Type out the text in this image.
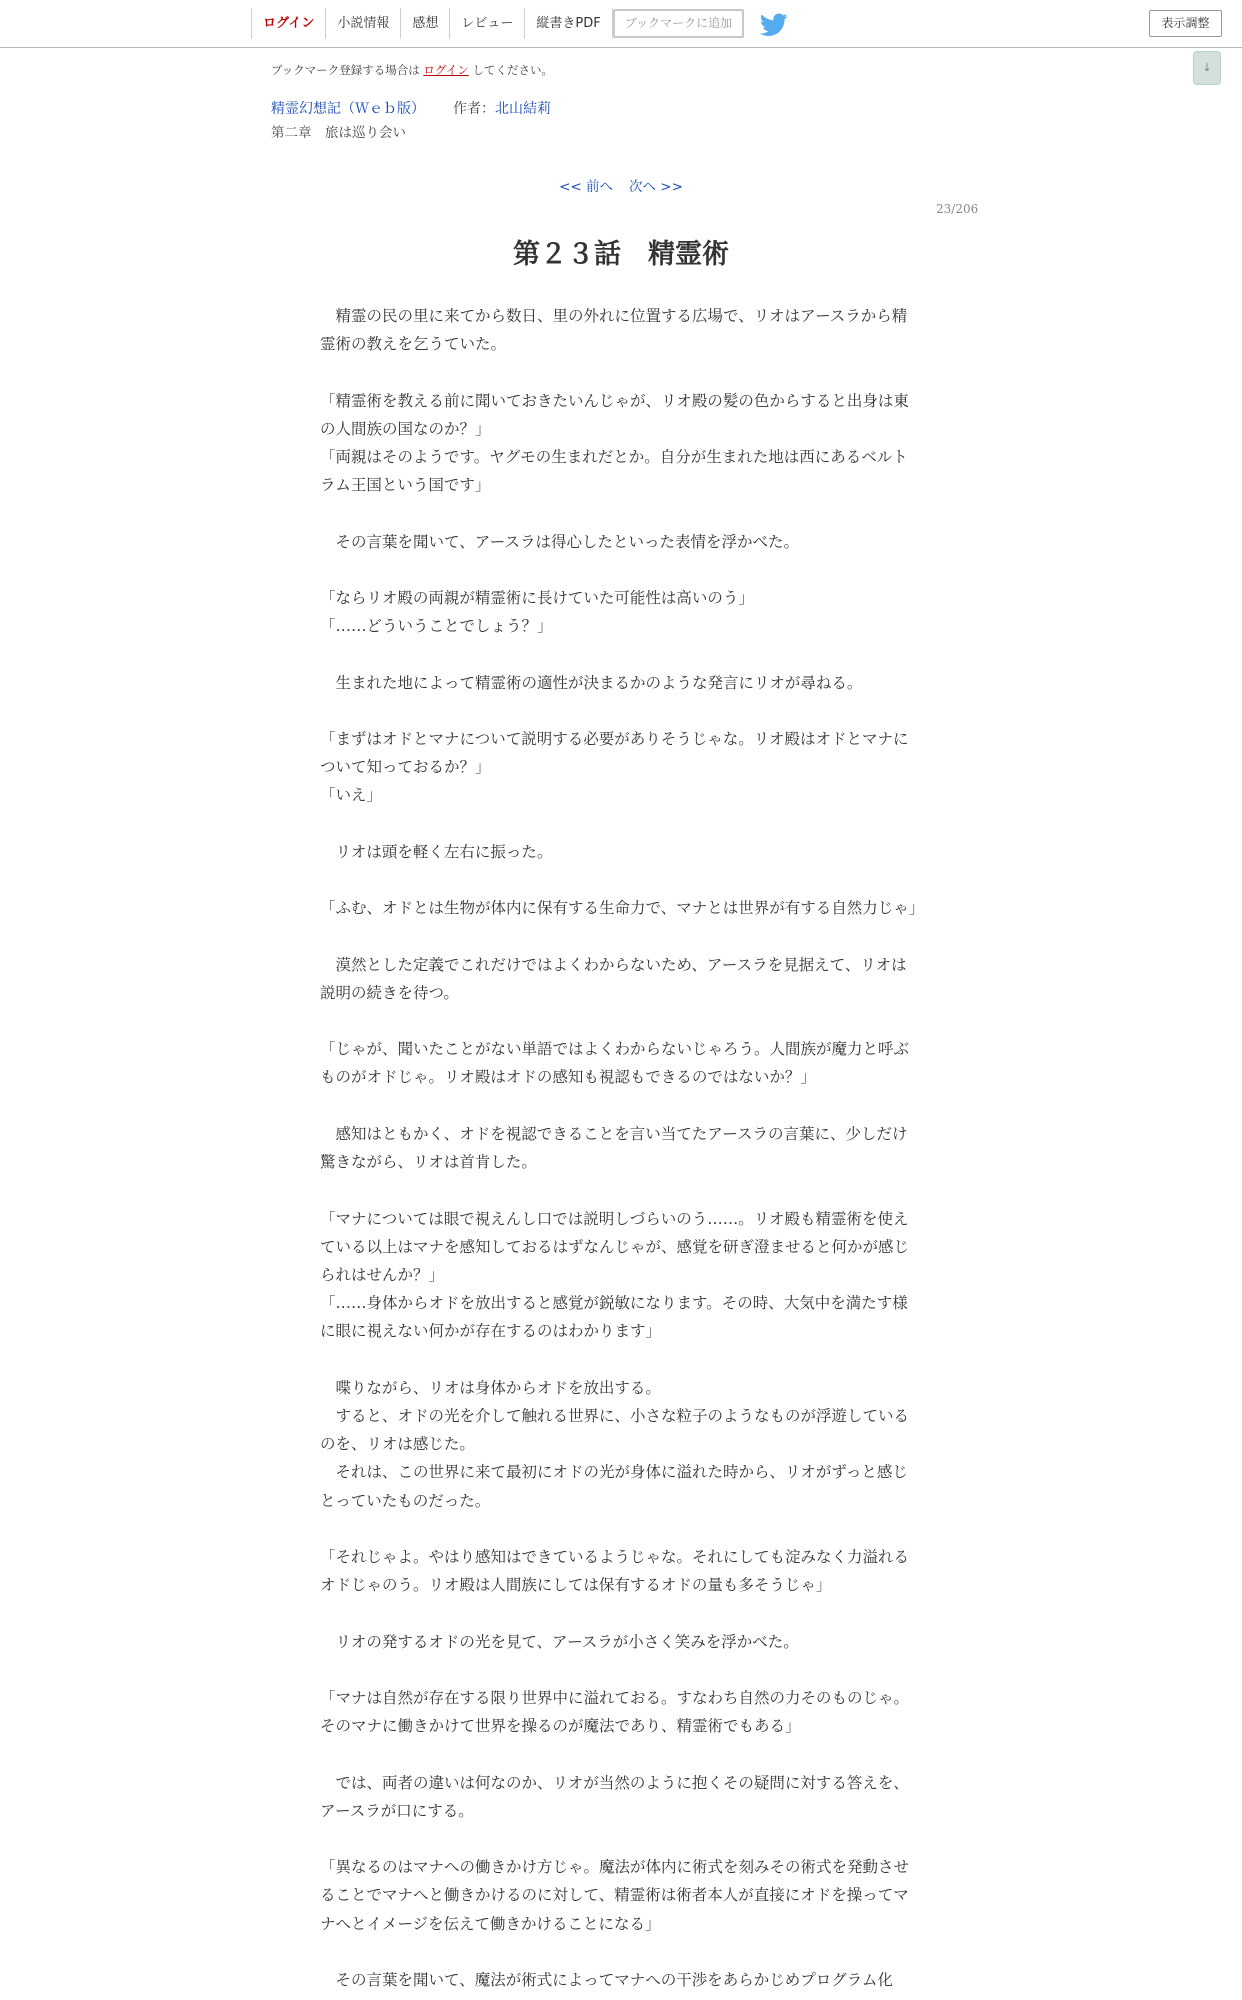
ログイン	小説情報	感想	レビュー	縦書きPDF	ブックマークに追加	表示調整
↓
ブックマーク登録する場合は ログイン してください。
精霊幻想記（Ｗｅｂ版） 作者：北山結莉
第二章　旅は巡り会い
<< 前へ 次へ >>
23/206
第２３話　精霊術

　精霊の民の里に来てから数日、里の外れに位置する広場で、リオはアースラから精霊術の教えを乞うていた。

「精霊術を教える前に聞いておきたいんじゃが、リオ殿の髪の色からすると出身は東の人間族の国なのか？」

「両親はそのようです。ヤグモの生まれだとか。自分が生まれた地は西にあるベルトラム王国という国です」

　その言葉を聞いて、アースラは得心したといった表情を浮かべた。

「ならリオ殿の両親が精霊術に長けていた可能性は高いのう」

「……どういうことでしょう？」

　生まれた地によって精霊術の適性が決まるかのような発言にリオが尋ねる。

「まずはオドとマナについて説明する必要がありそうじゃな。リオ殿はオドとマナについて知っておるか？」

「いえ」

　リオは頭を軽く左右に振った。

「ふむ、オドとは生物が体内に保有する生命力で、マナとは世界が有する自然力じゃ」

　漠然とした定義でこれだけではよくわからないため、アースラを見据えて、リオは説明の続きを待つ。

「じゃが、聞いたことがない単語ではよくわからないじゃろう。人間族が魔力と呼ぶものがオドじゃ。リオ殿はオドの感知も視認もできるのではないか？」

　感知はともかく、オドを視認できることを言い当てたアースラの言葉に、少しだけ驚きながら、リオは首肯した。

「マナについては眼で視えんし口では説明しづらいのう……。リオ殿も精霊術を使えている以上はマナを感知しておるはずなんじゃが、感覚を研ぎ澄ませると何かが感じられはせんか？」

「……身体からオドを放出すると感覚が鋭敏になります。その時、大気中を満たす様に眼に視えない何かが存在するのはわかります」

　喋りながら、リオは身体からオドを放出する。

　すると、オドの光を介して触れる世界に、小さな粒子のようなものが浮遊しているのを、リオは感じた。

　それは、この世界に来て最初にオドの光が身体に溢れた時から、リオがずっと感じとっていたものだった。

「それじゃよ。やはり感知はできているようじゃな。それにしても淀みなく力溢れるオドじゃのう。リオ殿は人間族にしては保有するオドの量も多そうじゃ」

　リオの発するオドの光を見て、アースラが小さく笑みを浮かべた。

「マナは自然が存在する限り世界中に溢れておる。すなわち自然の力そのものじゃ。そのマナに働きかけて世界を操るのが魔法であり、精霊術でもある」

　では、両者の違いは何なのか、リオが当然のように抱くその疑問に対する答えを、アースラが口にする。

「異なるのはマナへの働きかけ方じゃ。魔法が体内に術式を刻みその術式を発動させることでマナへと働きかけるのに対して、精霊術は術者本人が直接にオドを操ってマナへとイメージを伝えて働きかけることになる」

　その言葉を聞いて、魔法が術式によってマナへの干渉をあらかじめプログラム化
